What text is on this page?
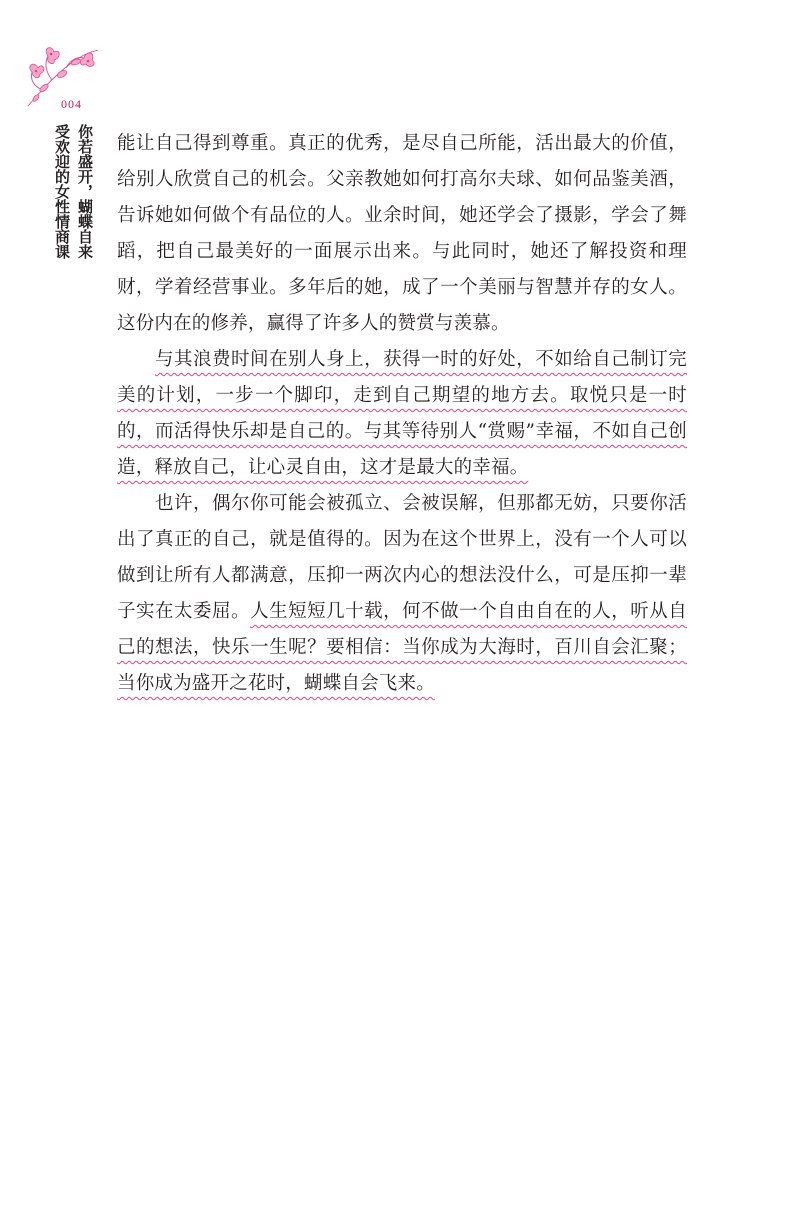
004
受欢迎的女性情商课 你若盛开，蝴蝶自来 能让自己得到尊重。真正的优秀，是尽自己所能，活出最大的价值，给别人欣赏自己的机会。父亲教她如何打高尔夫球、如何品鉴美酒，告诉她如何做个有品位的人。业余时间，她还学会了摄影，学会了舞蹈，把自己最美好的一面展示出来。与此同时，她还了解投资和理财，学着经营事业。多年后的她，成了一个美丽与智慧并存的女人。这份内在的修养，赢得了许多人的赞赏与羡慕。

与其浪费时间在别人身上，获得一时的好处，不如给自己制订完美的计划，一步一个脚印，走到自己期望的地方去。取悦只是一时的，而活得快乐却是自己的。与其等待别人“赏赐”幸福，不如自己创造，释放自己，让心灵自由，这才是最大的幸福。

也许，偶尔你可能会被孤立、会被误解，但那都无妨，只要你活出了真正的自己，就是值得的。因为在这个世界上，没有一个人可以做到让所有人都满意，压抑一两次内心的想法没什么，可是压抑一辈子实在太委屈。人生短短几十载，何不做一个自由自在的人，听从自己的想法，快乐一生呢？要相信：当你成为大海时，百川自会汇聚；当你成为盛开之花时，蝴蝶自会飞来。
